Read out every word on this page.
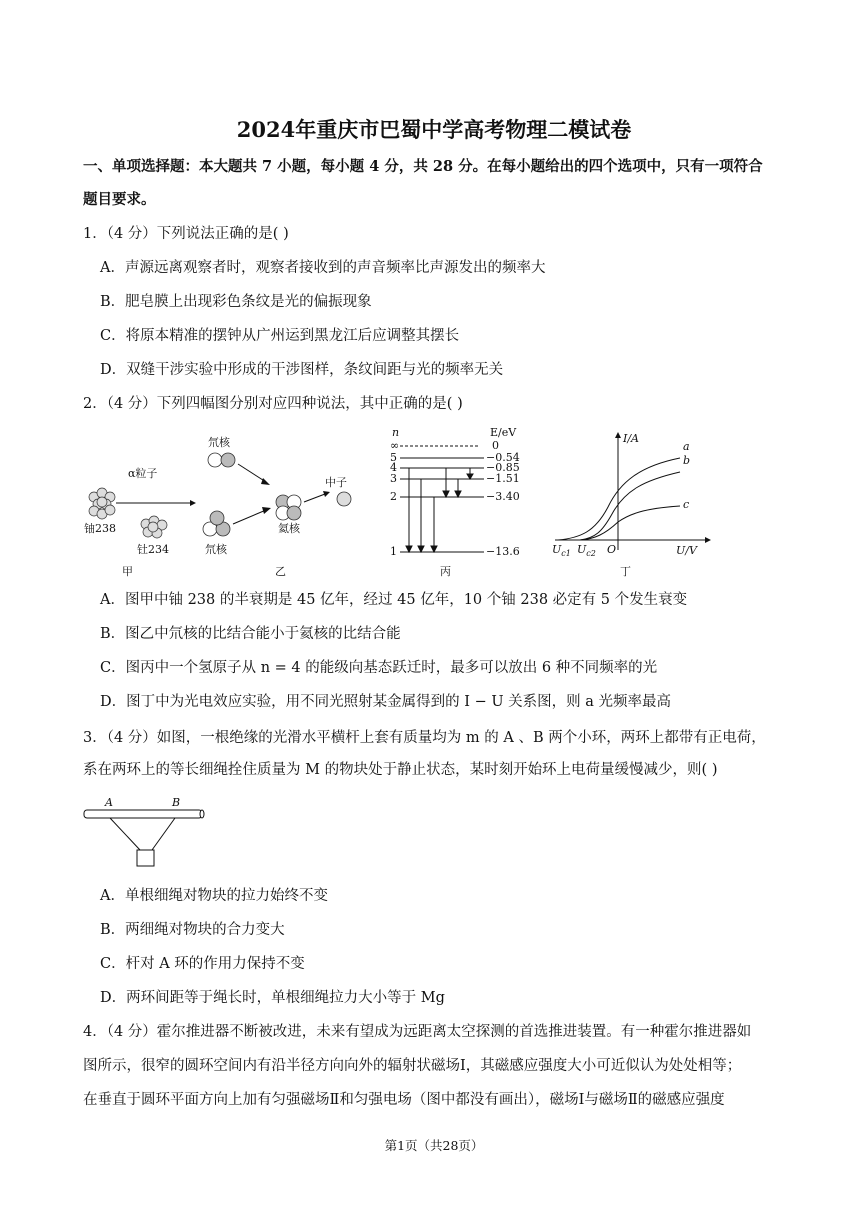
2024年重庆市巴蜀中学高考物理二模试卷
一、单项选择题：本大题共 7 小题，每小题 4 分，共 28 分。在每小题给出的四个选项中，只有一项符合
题目要求。
1．（4 分）下列说法正确的是( )
A．声源远离观察者时，观察者接收到的声音频率比声源发出的频率大
B．肥皂膜上出现彩色条纹是光的偏振现象
C．将原本精准的摆钟从广州运到黑龙江后应调整其摆长
D．双缝干涉实验中形成的干涉图样，条纹间距与光的频率无关
2．（4 分）下列四幅图分别对应四种说法，其中正确的是( )
α粒子
铀238
钍234
甲
氘核
氘核
氦核
中子
乙
n	E/eV
∞	0
5	−0.54
4	−0.85
3	−1.51
2	−3.40
1	−13.6
丙
I/A
U/V
a
b
c
$U_{c1}$ $U_{c2}$ O
丁
A．图甲中铀 238 的半衰期是 45 亿年，经过 45 亿年，10 个铀 238 必定有 5 个发生衰变
B．图乙中氘核的比结合能小于氦核的比结合能
C．图丙中一个氢原子从 n = 4 的能级向基态跃迁时，最多可以放出 6 种不同频率的光
D．图丁中为光电效应实验，用不同光照射某金属得到的 I − U 关系图，则 a 光频率最高
3．（4 分）如图，一根绝缘的光滑水平横杆上套有质量均为 m 的 A 、B 两个小环，两环上都带有正电荷，
系在两环上的等长细绳拴住质量为 M 的物块处于静止状态，某时刻开始环上电荷量缓慢减少，则( )
A	B
A．单根细绳对物块的拉力始终不变
B．两细绳对物块的合力变大
C．杆对 A 环的作用力保持不变
D．两环间距等于绳长时，单根细绳拉力大小等于 Mg
4．（4 分）霍尔推进器不断被改进，未来有望成为远距离太空探测的首选推进装置。有一种霍尔推进器如
图所示，很窄的圆环空间内有沿半径方向向外的辐射状磁场Ⅰ，其磁感应强度大小可近似认为处处相等；
在垂直于圆环平面方向上加有匀强磁场Ⅱ和匀强电场（图中都没有画出），磁场Ⅰ与磁场Ⅱ的磁感应强度
第1页（共28页）
